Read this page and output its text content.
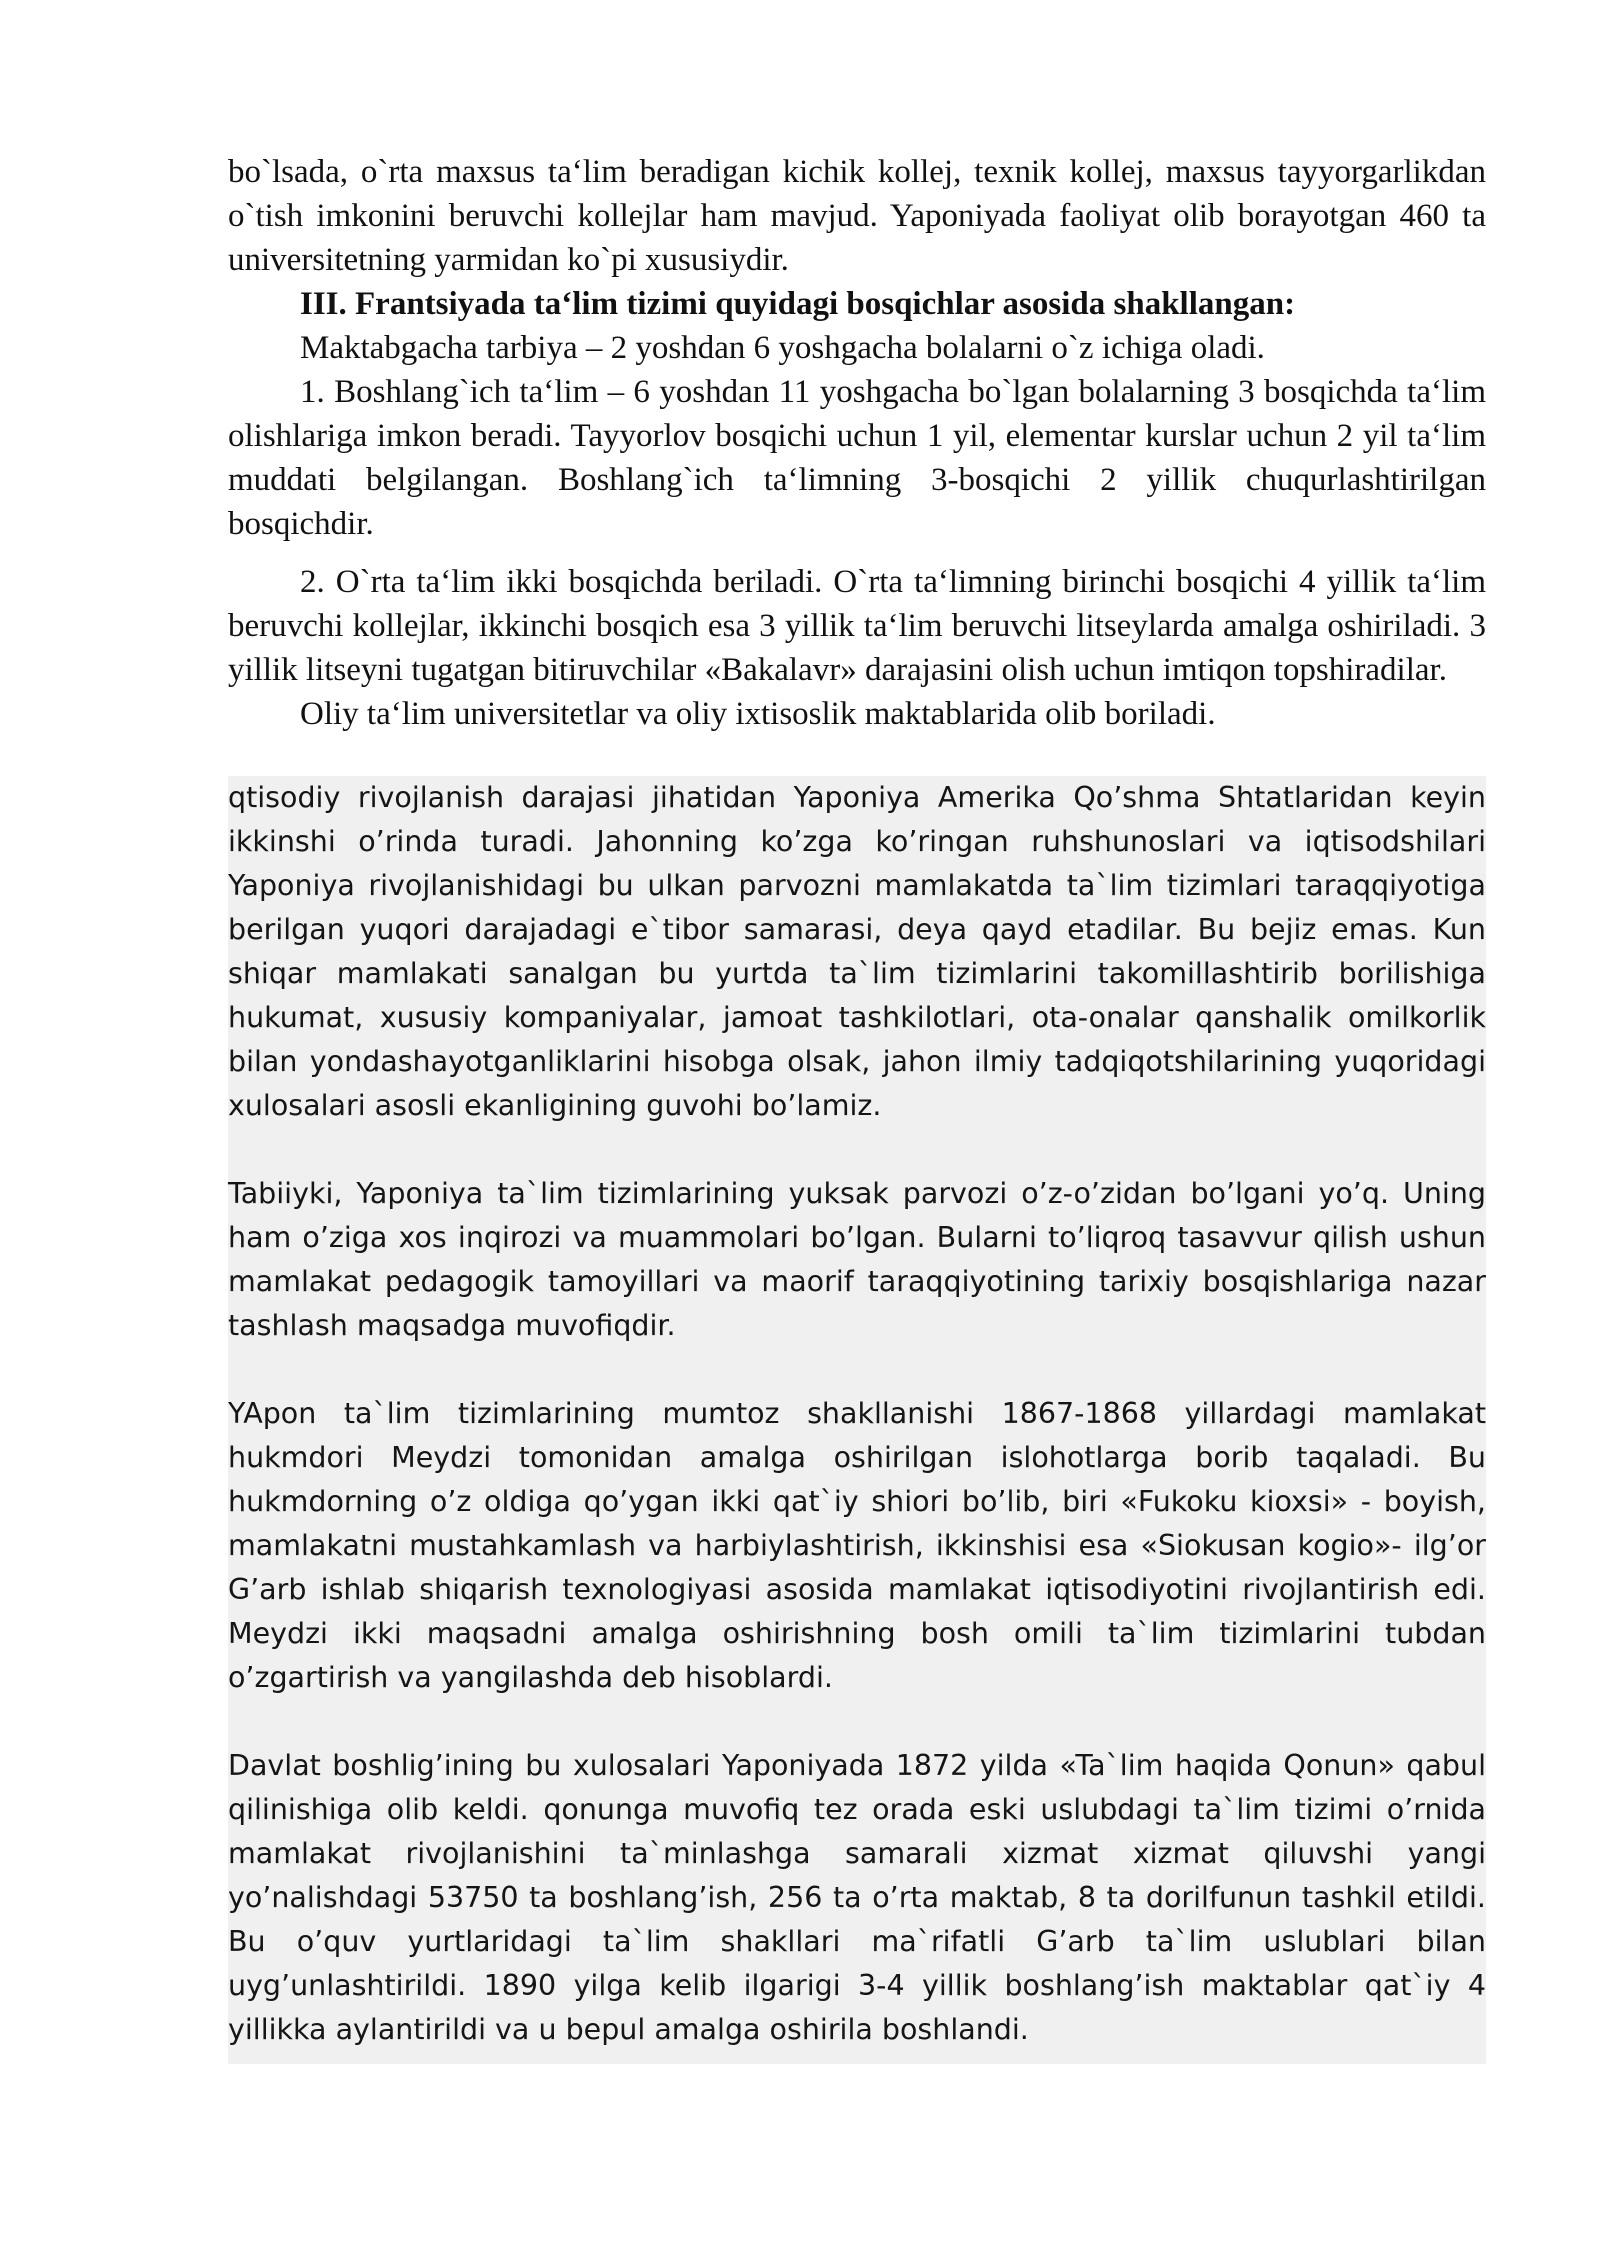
bo`lsada, o`rta maxsus ta‘lim beradigan kichik kollej, texnik kollej, maxsus tayyorgarlikdan o`tish imkonini beruvchi kollejlar ham mavjud. Yaponiyada faoliyat olib borayotgan 460 ta universitetning yarmidan ko`pi xususiydir.

III. Frantsiyada ta‘lim tizimi quyidagi bosqichlar asosida shakllangan:

Maktabgacha tarbiya – 2 yoshdan 6 yoshgacha bolalarni o`z ichiga oladi.

1. Boshlang`ich ta‘lim – 6 yoshdan 11 yoshgacha bo`lgan bolalarning 3 bosqichda ta‘lim olishlariga imkon beradi. Tayyorlov bosqichi uchun 1 yil, elementar kurslar uchun 2 yil ta‘lim muddati belgilangan. Boshlang`ich ta‘limning 3-bosqichi 2 yillik chuqurlashtirilgan bosqichdir.

2. O`rta ta‘lim ikki bosqichda beriladi. O`rta ta‘limning birinchi bosqichi 4 yillik ta‘lim beruvchi kollejlar, ikkinchi bosqich esa 3 yillik ta‘lim beruvchi litseylarda amalga oshiriladi. 3 yillik litseyni tugatgan bitiruvchilar «Bakalavr» darajasini olish uchun imtiqon topshiradilar.

Oliy ta‘lim universitetlar va oliy ixtisoslik maktablarida olib boriladi.

qtisodiy rivojlanish darajasi jihatidan Yaponiya Amerika Qo’shma Shtatlaridan keyin ikkinshi o’rinda turadi. Jahonning ko’zga ko’ringan ruhshunoslari va iqtisodshilari Yaponiya rivojlanishidagi bu ulkan parvozni mamlakatda ta`lim tizimlari taraqqiyotiga berilgan yuqori darajadagi e`tibor samarasi, deya qayd etadilar. Bu bejiz emas. Kun shiqar mamlakati sanalgan bu yurtda ta`lim tizimlarini takomillashtirib borilishiga hukumat, xususiy kompaniyalar, jamoat tashkilotlari, ota-onalar qanshalik omilkorlik bilan yondashayotganliklarini hisobga olsak, jahon ilmiy tadqiqotshilarining yuqoridagi xulosalari asosli ekanligining guvohi bo’lamiz.

Tabiiyki, Yaponiya ta`lim tizimlarining yuksak parvozi o’z-o’zidan bo’lgani yo’q. Uning ham o’ziga xos inqirozi va muammolari bo’lgan. Bularni to’liqroq tasavvur qilish ushun mamlakat pedagogik tamoyillari va maorif taraqqiyotining tarixiy bosqishlariga nazar tashlash maqsadga muvofiqdir.

YApon ta`lim tizimlarining mumtoz shakllanishi 1867-1868 yillardagi mamlakat hukmdori Meydzi tomonidan amalga oshirilgan islohotlarga borib taqaladi. Bu hukmdorning o’z oldiga qo’ygan ikki qat`iy shiori bo’lib, biri «Fukoku kioxsi» - boyish, mamlakatni mustahkamlash va harbiylashtirish, ikkinshisi esa «Siokusan kogio»- ilg’or G’arb ishlab shiqarish texnologiyasi asosida mamlakat iqtisodiyotini rivojlantirish edi. Meydzi ikki maqsadni amalga oshirishning bosh omili ta`lim tizimlarini tubdan o’zgartirish va yangilashda deb hisoblardi.

Davlat boshlig’ining bu xulosalari Yaponiyada 1872 yilda «Ta`lim haqida Qonun» qabul qilinishiga olib keldi. qonunga muvofiq tez orada eski uslubdagi ta`lim tizimi o’rnida mamlakat rivojlanishini ta`minlashga samarali xizmat xizmat qiluvshi yangi yo’nalishdagi 53750 ta boshlang’ish, 256 ta o’rta maktab, 8 ta dorilfunun tashkil etildi. Bu o’quv yurtlaridagi ta`lim shakllari ma`rifatli G’arb ta`lim uslublari bilan uyg’unlashtirildi. 1890 yilga kelib ilgarigi 3-4 yillik boshlang’ish maktablar qat`iy 4 yillikka aylantirildi va u bepul amalga oshirila boshlandi.
